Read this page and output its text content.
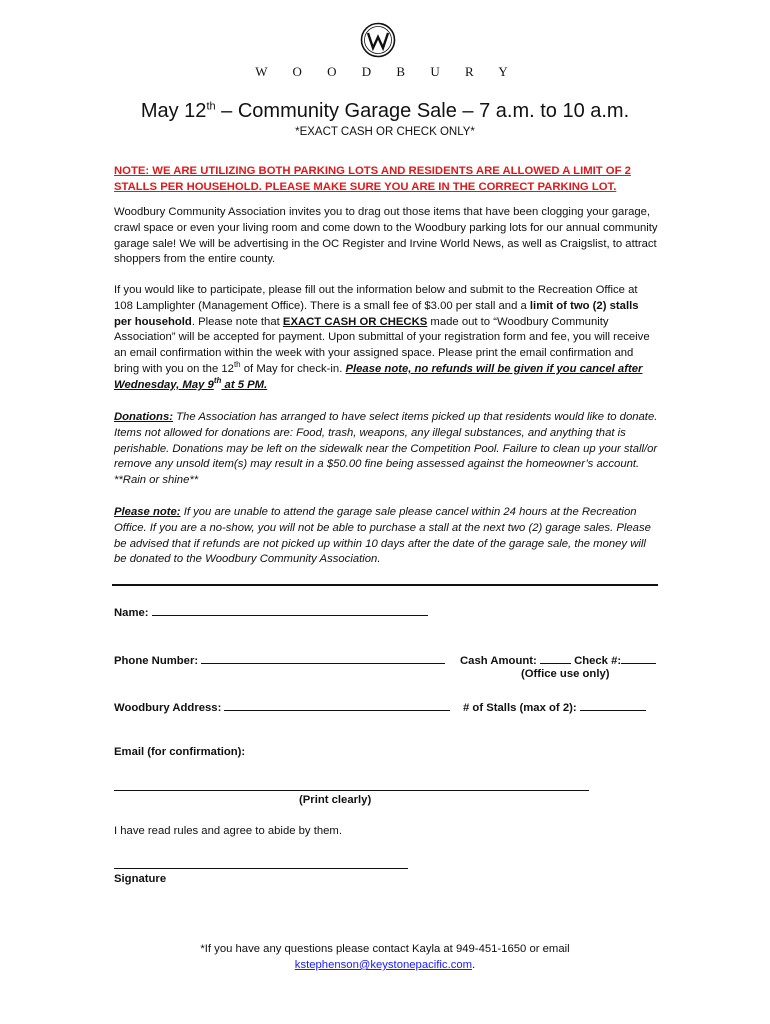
W O O D B U R Y
May 12th – Community Garage Sale – 7 a.m. to 10 a.m.
*EXACT CASH OR CHECK ONLY*
NOTE: WE ARE UTILIZING BOTH PARKING LOTS AND RESIDENTS ARE ALLOWED A LIMIT OF 2 STALLS PER HOUSEHOLD. PLEASE MAKE SURE YOU ARE IN THE CORRECT PARKING LOT.
Woodbury Community Association invites you to drag out those items that have been clogging your garage, crawl space or even your living room and come down to the Woodbury parking lots for our annual community garage sale! We will be advertising in the OC Register and Irvine World News, as well as Craigslist, to attract shoppers from the entire county.
If you would like to participate, please fill out the information below and submit to the Recreation Office at 108 Lamplighter (Management Office). There is a small fee of $3.00 per stall and a limit of two (2) stalls per household. Please note that EXACT CASH OR CHECKS made out to “Woodbury Community Association” will be accepted for payment. Upon submittal of your registration form and fee, you will receive an email confirmation within the week with your assigned space. Please print the email confirmation and bring with you on the 12th of May for check-in. Please note, no refunds will be given if you cancel after Wednesday, May 9th at 5 PM.
Donations: The Association has arranged to have select items picked up that residents would like to donate. Items not allowed for donations are: Food, trash, weapons, any illegal substances, and anything that is perishable. Donations may be left on the sidewalk near the Competition Pool. Failure to clean up your stall/or remove any unsold item(s) may result in a $50.00 fine being assessed against the homeowner’s account. **Rain or shine**
Please note: If you are unable to attend the garage sale please cancel within 24 hours at the Recreation Office. If you are a no-show, you will not be able to purchase a stall at the next two (2) garage sales. Please be advised that if refunds are not picked up within 10 days after the date of the garage sale, the money will be donated to the Woodbury Community Association.
Name:
Phone Number:	Cash Amount:	Check #:
(Office use only)
Woodbury Address:	# of Stalls (max of 2):
Email (for confirmation):
(Print clearly)
I have read rules and agree to abide by them.
Signature
*If you have any questions please contact Kayla at 949-451-1650 or email
kstephenson@keystonepacific.com.
